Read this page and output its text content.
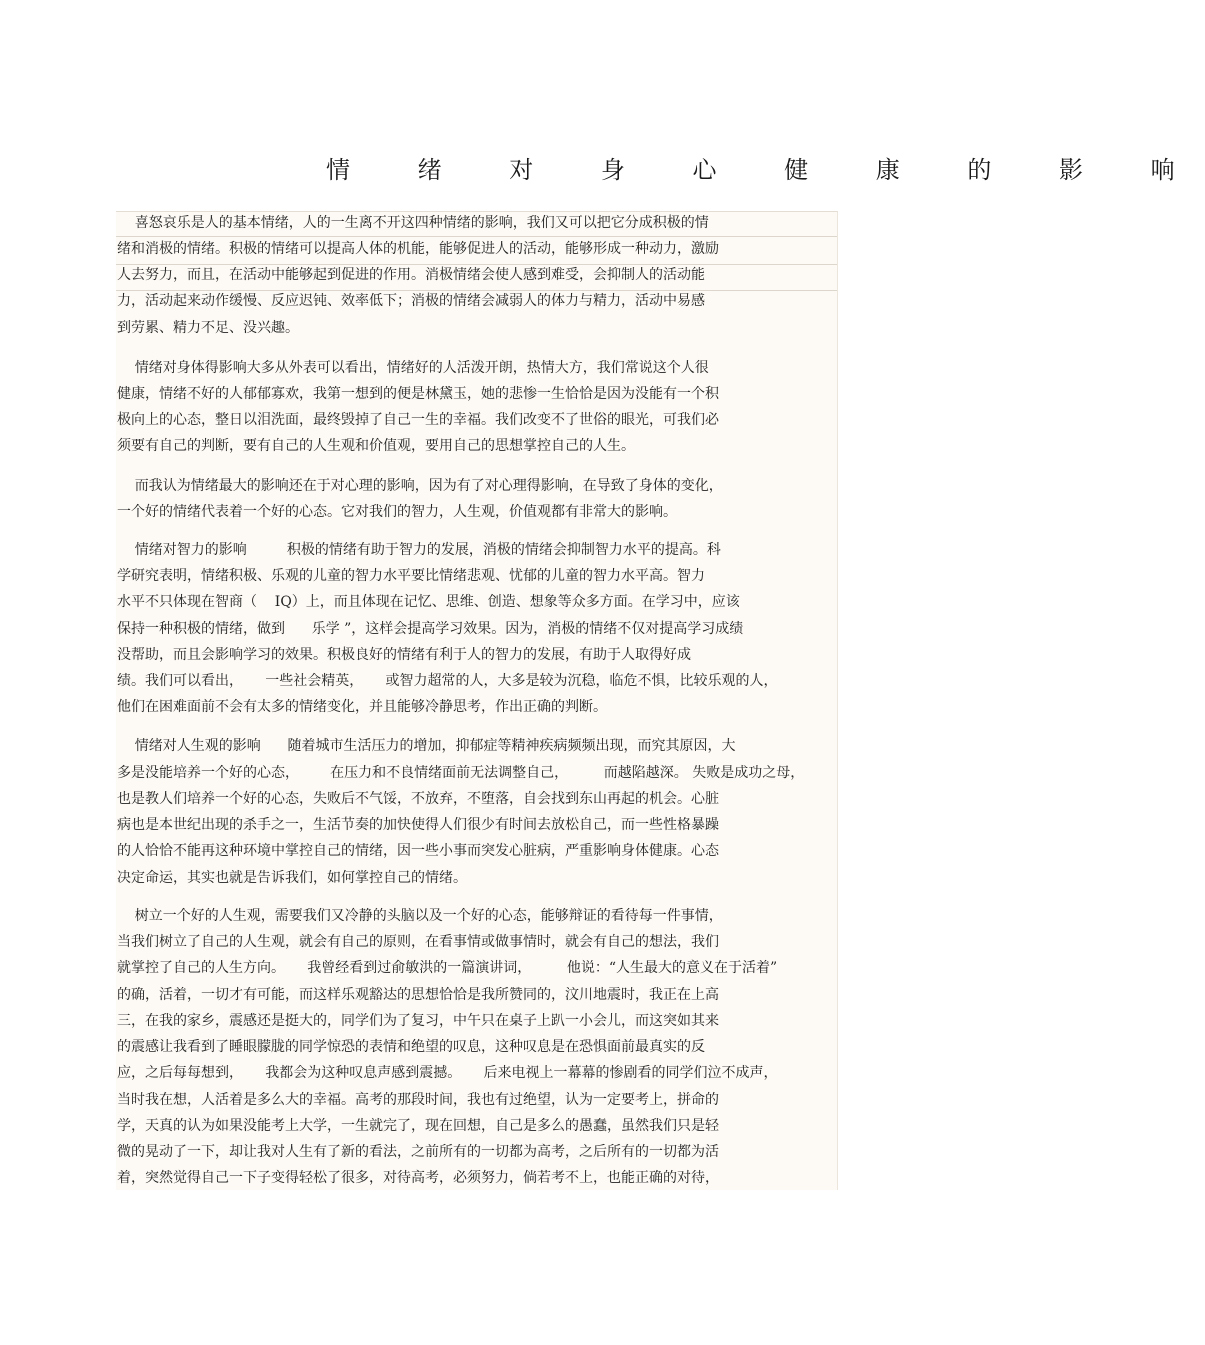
情 绪 对 身 心 健 康 的 影 响
喜怒哀乐是人的基本情绪，人的一生离不开这四种情绪的影响，我们又可以把它分成积极的情
绪和消极的情绪。积极的情绪可以提高人体的机能，能够促进人的活动，能够形成一种动力，激励
人去努力，而且，在活动中能够起到促进的作用。消极情绪会使人感到难受，会抑制人的活动能
力，活动起来动作缓慢、反应迟钝、效率低下；消极的情绪会减弱人的体力与精力，活动中易感
到劳累、精力不足、没兴趣。
情绪对身体得影响大多从外表可以看出，情绪好的人活泼开朗，热情大方，我们常说这个人很
健康，情绪不好的人郁郁寡欢，我第一想到的便是林黛玉，她的悲惨一生恰恰是因为没能有一个积
极向上的心态，整日以泪洗面，最终毁掉了自己一生的幸福。我们改变不了世俗的眼光，可我们必
须要有自己的判断，要有自己的人生观和价值观，要用自己的思想掌控自己的人生。
而我认为情绪最大的影响还在于对心理的影响，因为有了对心理得影响，在导致了身体的变化，
一个好的情绪代表着一个好的心态。它对我们的智力，人生观，价值观都有非常大的影响。
情绪对智力的影响         积极的情绪有助于智力的发展，消极的情绪会抑制智力水平的提高。科
学研究表明，情绪积极、乐观的儿童的智力水平要比情绪悲观、忧郁的儿童的智力水平高。智力
水平不只体现在智商（    IQ）上，而且体现在记忆、思维、创造、想象等众多方面。在学习中，应该
保持一种积极的情绪，做到      乐学 ”，这样会提高学习效果。因为，消极的情绪不仅对提高学习成绩
没帮助，而且会影响学习的效果。积极良好的情绪有利于人的智力的发展，有助于人取得好成
绩。我们可以看出，     一些社会精英，     或智力超常的人，大多是较为沉稳，临危不惧，比较乐观的人，
他们在困难面前不会有太多的情绪变化，并且能够冷静思考，作出正确的判断。
情绪对人生观的影响      随着城市生活压力的增加，抑郁症等精神疾病频频出现，而究其原因，大
多是没能培养一个好的心态，       在压力和不良情绪面前无法调整自己，        而越陷越深。 失败是成功之母，
也是教人们培养一个好的心态，失败后不气馁，不放弃，不堕落，自会找到东山再起的机会。心脏
病也是本世纪出现的杀手之一，生活节奏的加快使得人们很少有时间去放松自己，而一些性格暴躁
的人恰恰不能再这种环境中掌控自己的情绪，因一些小事而突发心脏病，严重影响身体健康。心态
决定命运，其实也就是告诉我们，如何掌控自己的情绪。
树立一个好的人生观，需要我们又冷静的头脑以及一个好的心态，能够辩证的看待每一件事情，
当我们树立了自己的人生观，就会有自己的原则，在看事情或做事情时，就会有自己的想法，我们
就掌控了自己的人生方向。     我曾经看到过俞敏洪的一篇演讲词，        他说：“人生最大的意义在于活着”
的确，活着，一切才有可能，而这样乐观豁达的思想恰恰是我所赞同的，汶川地震时，我正在上高
三，在我的家乡，震感还是挺大的，同学们为了复习，中午只在桌子上趴一小会儿，而这突如其来
的震感让我看到了睡眼朦胧的同学惊恐的表情和绝望的叹息，这种叹息是在恐惧面前最真实的反
应，之后每每想到，     我都会为这种叹息声感到震撼。     后来电视上一幕幕的惨剧看的同学们泣不成声，
当时我在想，人活着是多么大的幸福。高考的那段时间，我也有过绝望，认为一定要考上，拼命的
学，天真的认为如果没能考上大学，一生就完了，现在回想，自己是多么的愚蠢，虽然我们只是轻
微的晃动了一下，却让我对人生有了新的看法，之前所有的一切都为高考，之后所有的一切都为活
着，突然觉得自己一下子变得轻松了很多，对待高考，必须努力，倘若考不上，也能正确的对待，
